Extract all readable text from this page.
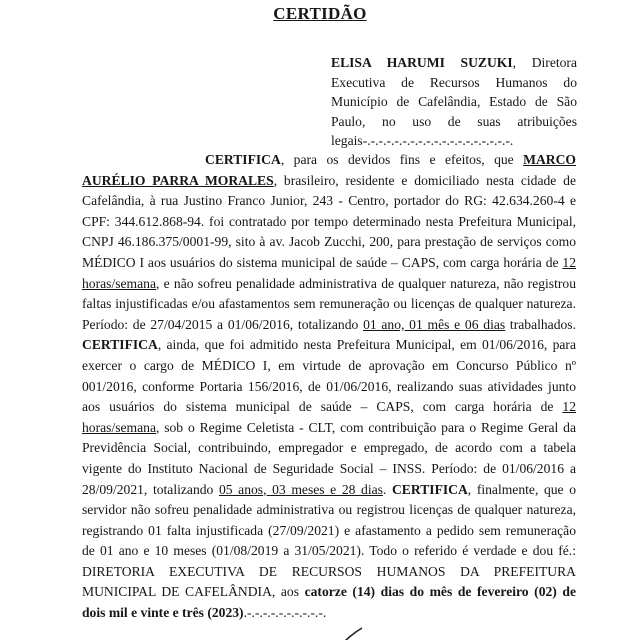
CERTIDÃO
ELISA HARUMI SUZUKI, Diretora Executiva de Recursos Humanos do Município de Cafelândia, Estado de São Paulo, no uso de suas atribuições legais-.-.-.-.-.-.-.-.-.-.-.-.-.-.-.-.-.-.-.
CERTIFICA, para os devidos fins e efeitos, que MARCO AURÉLIO PARRA MORALES, brasileiro, residente e domiciliado nesta cidade de Cafelândia, à rua Justino Franco Junior, 243 - Centro, portador do RG: 42.634.260-4 e CPF: 344.612.868-94. foi contratado por tempo determinado nesta Prefeitura Municipal, CNPJ 46.186.375/0001-99, sito à av. Jacob Zucchi, 200, para prestação de serviços como MÉDICO I aos usuários do sistema municipal de saúde – CAPS, com carga horária de 12 horas/semana, e não sofreu penalidade administrativa de qualquer natureza, não registrou faltas injustificadas e/ou afastamentos sem remuneração ou licenças de qualquer natureza. Período: de 27/04/2015 a 01/06/2016, totalizando 01 ano, 01 mês e 06 dias trabalhados. CERTIFICA, ainda, que foi admitido nesta Prefeitura Municipal, em 01/06/2016, para exercer o cargo de MÉDICO I, em virtude de aprovação em Concurso Público nº 001/2016, conforme Portaria 156/2016, de 01/06/2016, realizando suas atividades junto aos usuários do sistema municipal de saúde – CAPS, com carga horária de 12 horas/semana, sob o Regime Celetista - CLT, com contribuição para o Regime Geral da Previdência Social, contribuindo, empregador e empregado, de acordo com a tabela vigente do Instituto Nacional de Seguridade Social – INSS. Período: de 01/06/2016 a 28/09/2021, totalizando 05 anos, 03 meses e 28 dias. CERTIFICA, finalmente, que o servidor não sofreu penalidade administrativa ou registrou licenças de qualquer natureza, registrando 01 falta injustificada (27/09/2021) e afastamento a pedido sem remuneração de 01 ano e 10 meses (01/08/2019 a 31/05/2021). Todo o referido é verdade e dou fé.: DIRETORIA EXECUTIVA DE RECURSOS HUMANOS DA PREFEITURA MUNICIPAL DE CAFELÂNDIA, aos catorze (14) dias do mês de fevereiro (02) de dois mil e vinte e três (2023).-.-.-.-.-.-.-.-.-.-.
